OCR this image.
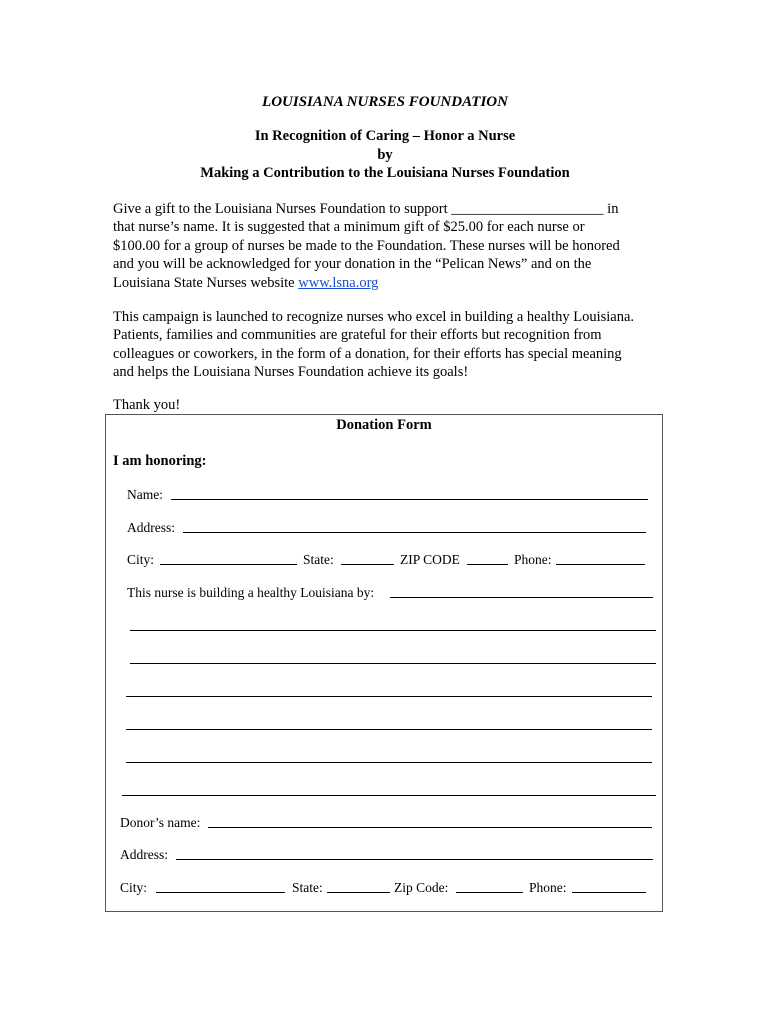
LOUISIANA NURSES FOUNDATION
In Recognition of Caring – Honor a Nurse
by
Making a Contribution to the Louisiana Nurses Foundation
Give a gift to the Louisiana Nurses Foundation to support _____________________ in
that nurse’s name. It is suggested that a minimum gift of $25.00 for each nurse or
$100.00 for a group of nurses be made to the Foundation. These nurses will be honored
and you will be acknowledged for your donation in the “Pelican News” and on the
Louisiana State Nurses website www.lsna.org
This campaign is launched to recognize nurses who excel in building a healthy Louisiana.
Patients, families and communities are grateful for their efforts but recognition from
colleagues or coworkers, in the form of a donation, for their efforts has special meaning
and helps the Louisiana Nurses Foundation achieve its goals!
Thank you!
Donation Form
I am honoring:
Name:
Address:
City:	State:	ZIP CODE	Phone:
This nurse is building a healthy Louisiana by:
Donor’s name:
Address:
City:	State:	Zip Code:	Phone:
